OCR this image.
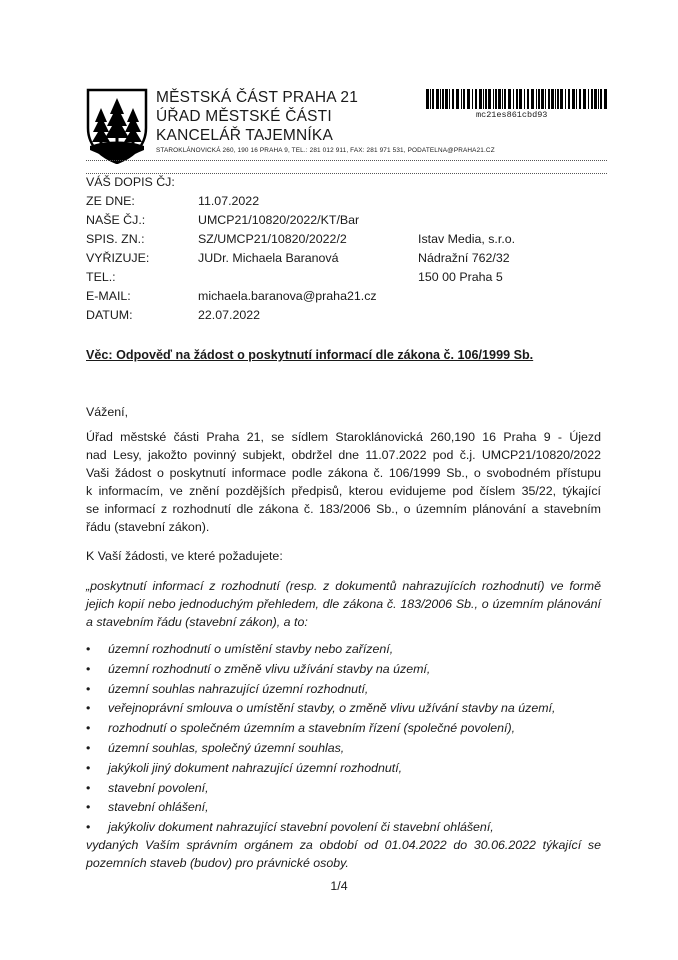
MĚSTSKÁ ČÁST PRAHA 21
ÚŘAD MĚSTSKÉ ČÁSTI
KANCELÁŘ TAJEMNÍKA
STAROKLÁNOVICKÁ 260, 190 16 PRAHA 9, TEL.: 281 012 911, FAX: 281 971 531, PODATELNA@PRAHA21.CZ
mc21es861cbd93
VÁŠ DOPIS ČJ:
ZE DNE:	11.07.2022
NAŠE ČJ.:	UMCP21/10820/2022/KT/Bar
SPIS. ZN.:	SZ/UMCP21/10820/2022/2
VYŘIZUJE:	JUDr. Michaela Baranová
TEL.:
E-MAIL:	michaela.baranova@praha21.cz
DATUM:	22.07.2022
Istav Media, s.r.o.
Nádražní 762/32
150 00 Praha 5
Věc: Odpověď na žádost o poskytnutí informací dle zákona č. 106/1999 Sb.
Vážení,
Úřad městské části Praha 21, se sídlem Staroklánovická 260,190 16 Praha 9 - Újezd
nad Lesy, jakožto povinný subjekt, obdržel dne 11.07.2022 pod č.j. UMCP21/10820/2022
Vaši žádost o poskytnutí informace podle zákona č. 106/1999 Sb., o svobodném přístupu
k informacím, ve znění pozdějších předpisů, kterou evidujeme pod číslem 35/22, týkající
se informací z rozhodnutí dle zákona č. 183/2006 Sb., o územním plánování a stavebním
řádu (stavební zákon).
K Vaší žádosti, ve které požadujete:
„poskytnutí informací z rozhodnutí (resp. z dokumentů nahrazujících rozhodnutí) ve formě
jejich kopií nebo jednoduchým přehledem, dle zákona č. 183/2006 Sb., o územním plánování
a stavebním řádu (stavební zákon), a to:
• územní rozhodnutí o umístění stavby nebo zařízení,
• územní rozhodnutí o změně vlivu užívání stavby na území,
• územní souhlas nahrazující územní rozhodnutí,
• veřejnoprávní smlouva o umístění stavby, o změně vlivu užívání stavby na území,
• rozhodnutí o společném územním a stavebním řízení (společné povolení),
• územní souhlas, společný územní souhlas,
• jakýkoli jiný dokument nahrazující územní rozhodnutí,
• stavební povolení,
• stavební ohlášení,
• jakýkoliv dokument nahrazující stavební povolení či stavební ohlášení,
vydaných Vaším správním orgánem za období od 01.04.2022 do 30.06.2022 týkající se
pozemních staveb (budov) pro právnické osoby.
1/4
